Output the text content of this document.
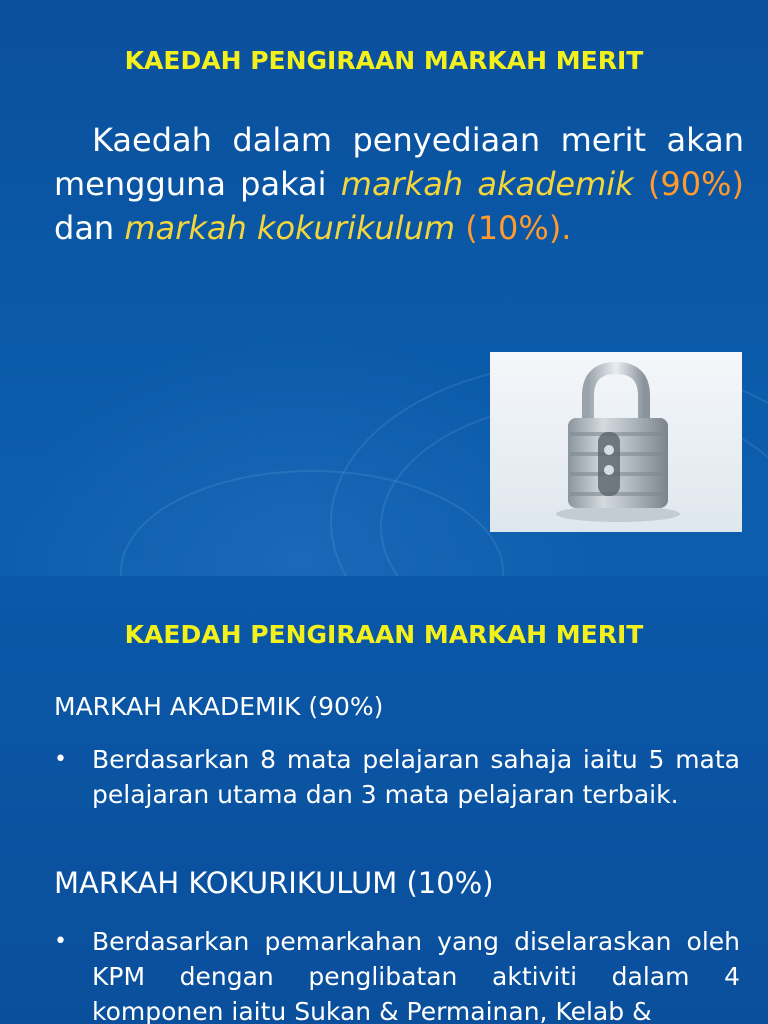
KAEDAH PENGIRAAN MARKAH MERIT
Kaedah dalam penyediaan merit akan mengguna pakai markah akademik (90%) dan markah kokurikulum (10%).
KAEDAH PENGIRAAN MARKAH MERIT
MARKAH AKADEMIK (90%)
• Berdasarkan 8 mata pelajaran sahaja iaitu 5 mata pelajaran utama dan 3 mata pelajaran terbaik.
MARKAH KOKURIKULUM (10%)
• Berdasarkan pemarkahan yang diselaraskan oleh KPM dengan penglibatan aktiviti dalam 4 komponen iaitu Sukan & Permainan, Kelab &
